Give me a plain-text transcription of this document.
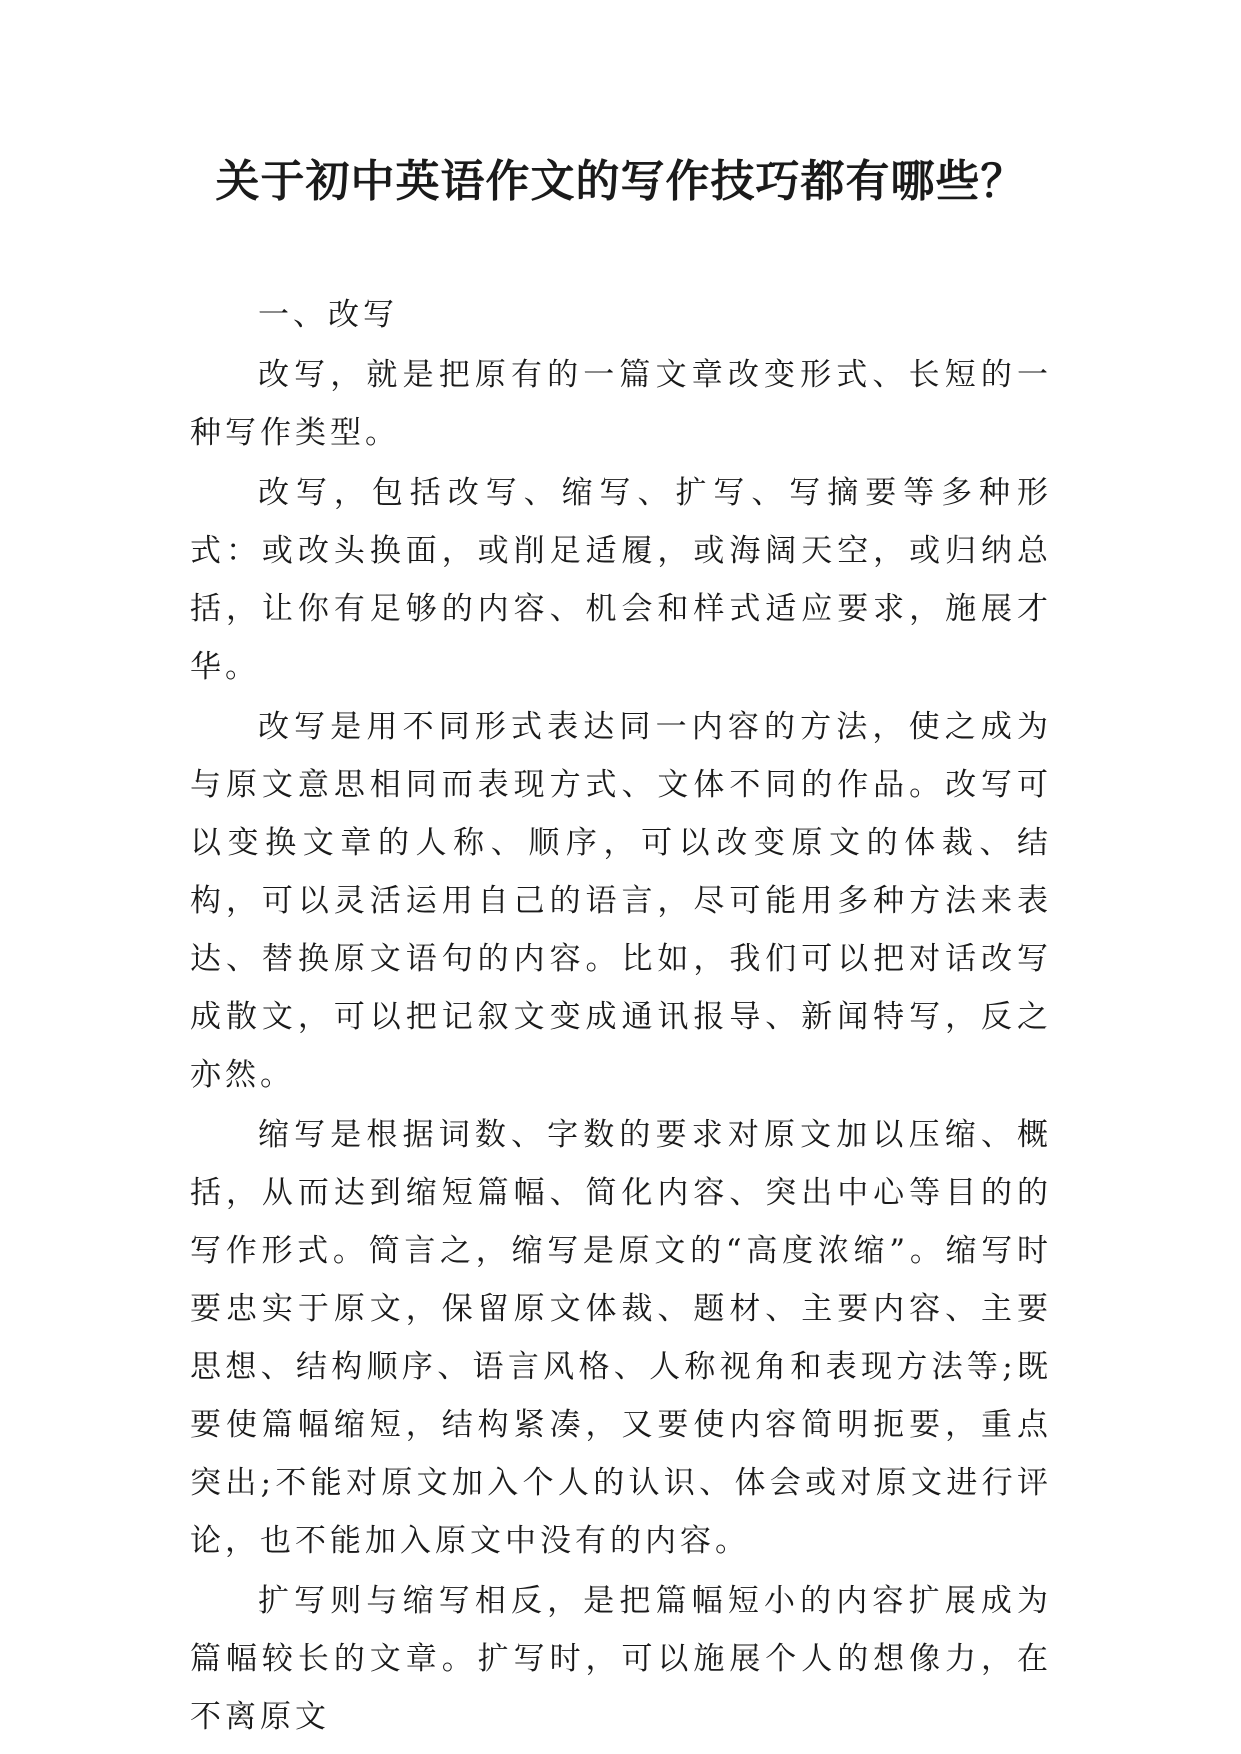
关于初中英语作文的写作技巧都有哪些？

一、改写

改写，就是把原有的一篇文章改变形式、长短的一种写作类型。

改写，包括改写、缩写、扩写、写摘要等多种形式：或改头换面，或削足适履，或海阔天空，或归纳总括，让你有足够的内容、机会和样式适应要求，施展才华。

改写是用不同形式表达同一内容的方法，使之成为与原文意思相同而表现方式、文体不同的作品。改写可以变换文章的人称、顺序，可以改变原文的体裁、结构，可以灵活运用自己的语言，尽可能用多种方法来表达、替换原文语句的内容。比如，我们可以把对话改写成散文，可以把记叙文变成通讯报导、新闻特写，反之亦然。

缩写是根据词数、字数的要求对原文加以压缩、概括，从而达到缩短篇幅、简化内容、突出中心等目的的写作形式。简言之，缩写是原文的“高度浓缩”。缩写时要忠实于原文，保留原文体裁、题材、主要内容、主要思想、结构顺序、语言风格、人称视角和表现方法等;既要使篇幅缩短，结构紧凑，又要使内容简明扼要，重点突出;不能对原文加入个人的认识、体会或对原文进行评论，也不能加入原文中没有的内容。

扩写则与缩写相反，是把篇幅短小的内容扩展成为篇幅较长的文章。扩写时，可以施展个人的想像力，在不离原文
